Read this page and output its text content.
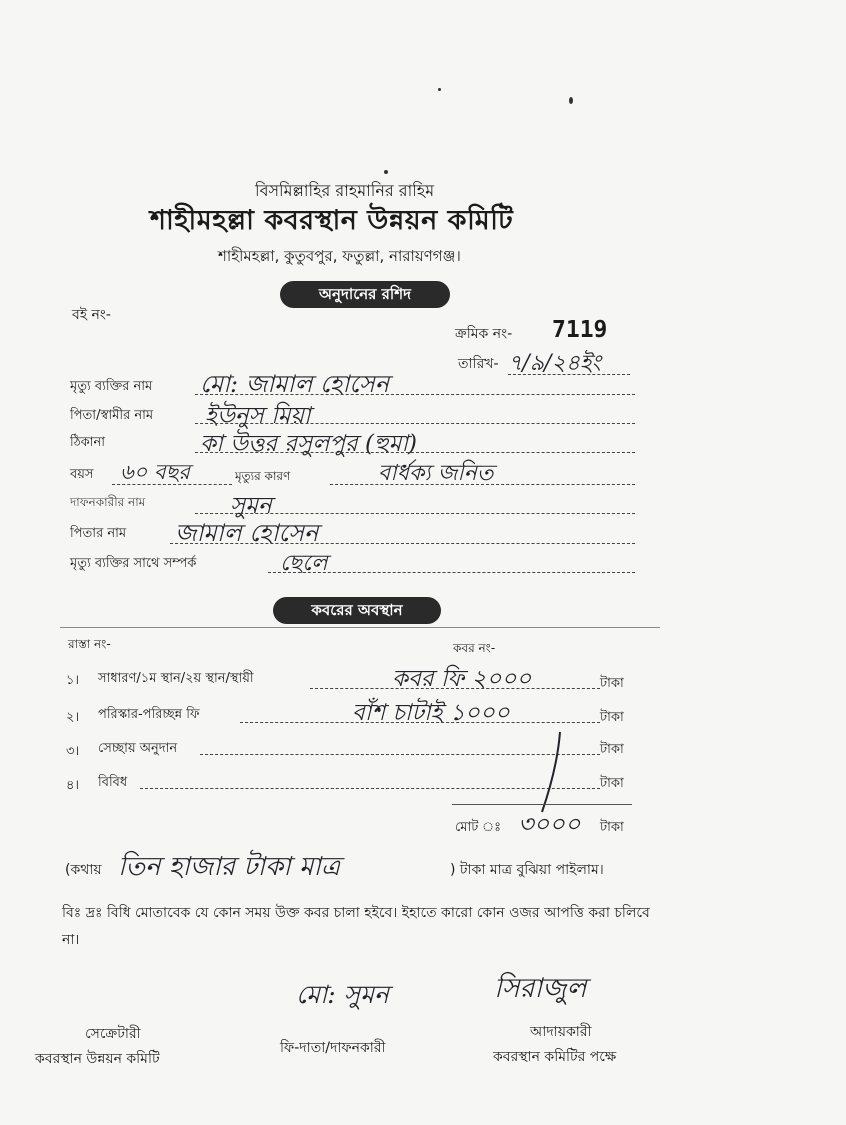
বিসমিল্লাহির রাহমানির রাহিম
শাহীমহল্লা কবরস্থান উন্নয়ন কমিটি
শাহীমহল্লা, কুতুবপুর, ফতুল্লা, নারায়ণগঞ্জ।
অনুদানের রশিদ
বই নং-
ক্রমিক নং- 7119
তারিখ- ৭/৯/২৪ইং
মৃত্যু ব্যক্তির নাম মো: জামাল হোসেন
পিতা/স্বামীর নাম ইউনুস মিয়া
ঠিকানা	কা উত্তর রসুলপুর (হুমা)
বয়স ৬০ বছর	মৃত্যুর কারণ	বার্ধক্য জনিত
দাফনকারীর নাম	সুমন
পিতার নাম জামাল হোসেন
মৃত্যু ব্যক্তির সাথে সম্পর্ক	ছেলে
কবরের অবস্থান
রাস্তা নং-	কবর নং-
১। সাধারণ/১ম স্থান/২য় স্থান/স্থায়ী	কবর ফি ২০০০	টাকা
২। পরিস্কার-পরিচ্ছন্ন ফি	বাঁশ চাটাই ১০০০	টাকা
৩। সেচ্ছায় অনুদান	টাকা
৪। বিবিধ	টাকা
মোট ঃ ৩০০০ টাকা
(কথায় তিন হাজার টাকা মাত্র	) টাকা মাত্র বুঝিয়া পাইলাম।
বিঃ দ্রঃ বিধি মোতাবেক যে কোন সময় উক্ত কবর চালা হইবে। ইহাতে কারো কোন ওজর আপত্তি করা চলিবে না।
মো: সুমন	সিরাজুল
সেক্রেটারী
কবরস্থান উন্নয়ন কমিটি
ফি-দাতা/দাফনকারী
আদায়কারী
কবরস্থান কমিটির পক্ষে
